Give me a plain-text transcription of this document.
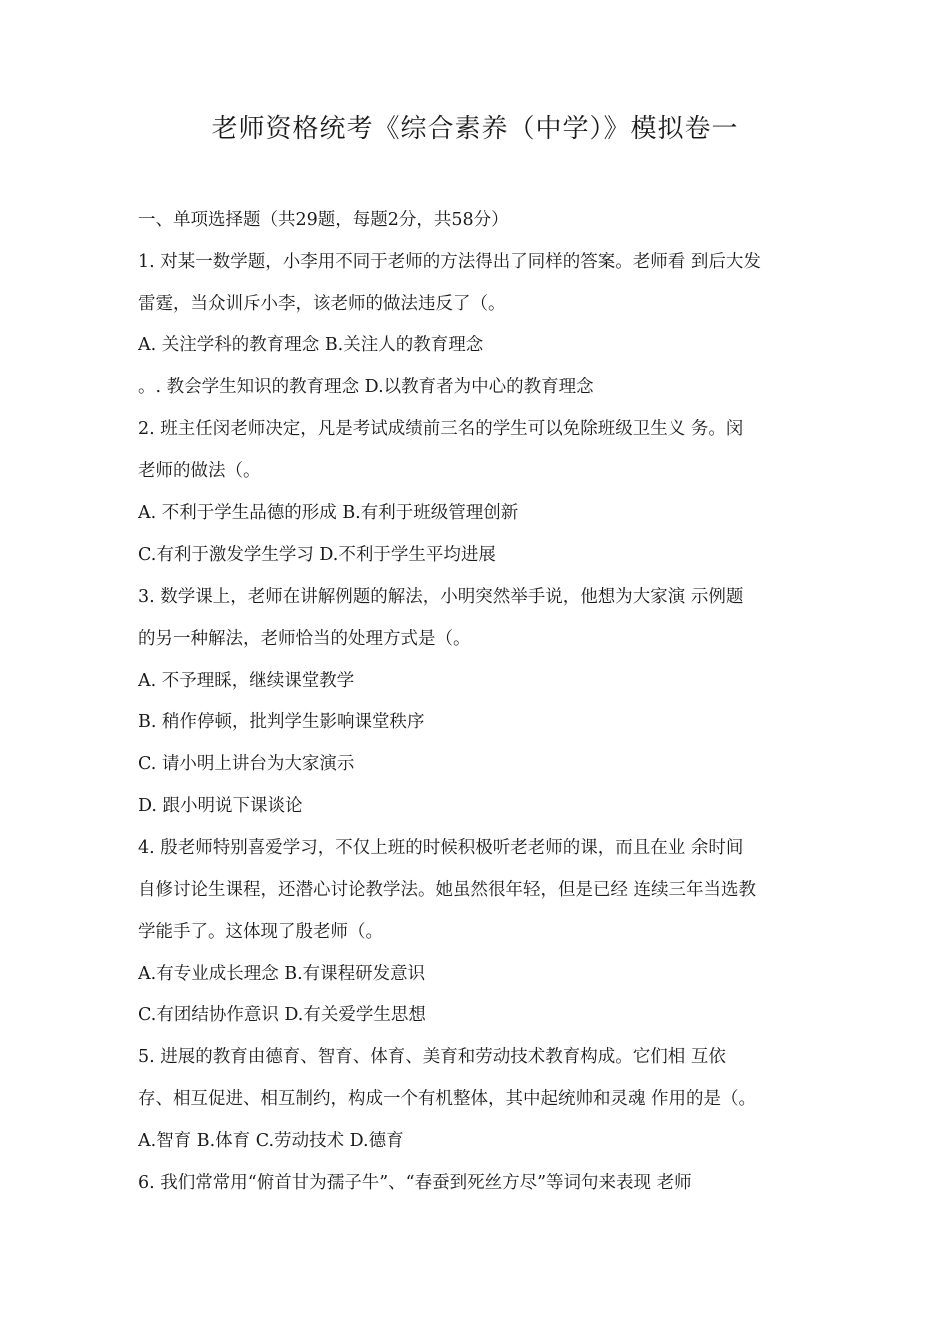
老师资格统考《综合素养（中学）》模拟卷一
一、单项选择题（共29题，每题2分，共58分）
1. 对某一数学题，小李用不同于老师的方法得出了同样的答案。老师看 到后大发
雷霆，当众训斥小李，该老师的做法违反了（。
A. 关注学科的教育理念 B.关注人的教育理念
。. 教会学生知识的教育理念 D.以教育者为中心的教育理念
2. 班主任闵老师决定，凡是考试成绩前三名的学生可以免除班级卫生义 务。闵
老师的做法（。
A. 不利于学生品德的形成 B.有利于班级管理创新
C.有利于激发学生学习 D.不利于学生平均进展
3. 数学课上，老师在讲解例题的解法，小明突然举手说，他想为大家演 示例题
的另一种解法，老师恰当的处理方式是（。
A. 不予理睬，继续课堂教学
B. 稍作停顿，批判学生影响课堂秩序
C. 请小明上讲台为大家演示
D. 跟小明说下课谈论
4. 殷老师特别喜爱学习，不仅上班的时候积极听老老师的课，而且在业 余时间
自修讨论生课程，还潜心讨论教学法。她虽然很年轻，但是已经 连续三年当选教
学能手了。这体现了殷老师（。
A.有专业成长理念 B.有课程研发意识
C.有团结协作意识 D.有关爱学生思想
5. 进展的教育由德育、智育、体育、美育和劳动技术教育构成。它们相 互依
存、相互促进、相互制约，构成一个有机整体，其中起统帅和灵魂 作用的是（。
A.智育 B.体育 C.劳动技术 D.德育
6. 我们常常用“俯首甘为孺子牛”、“春蚕到死丝方尽”等词句来表现 老师
